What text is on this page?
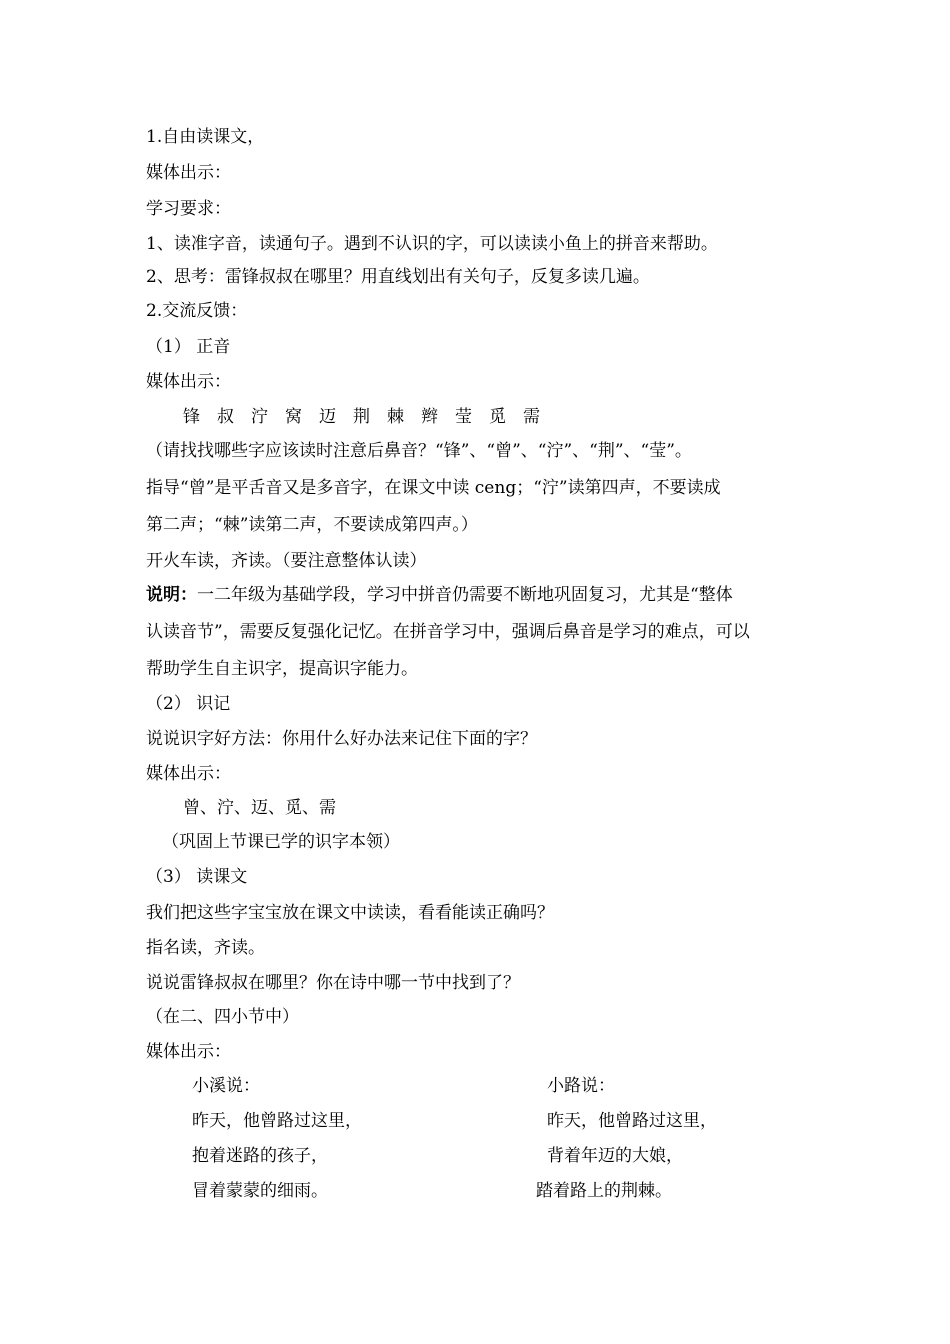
1.自由读课文，
媒体出示：
学习要求：
1、读准字音，读通句子。遇到不认识的字，可以读读小鱼上的拼音来帮助。
2、思考：雷锋叔叔在哪里？用直线划出有关句子，反复多读几遍。
2.交流反馈：
（1） 正音
媒体出示：
锋 叔 泞 窝 迈 荆 棘 辫 莹 觅 需
（请找找哪些字应该读时注意后鼻音？“锋”、“曾”、“泞”、“荆”、“莹”。
指导“曾”是平舌音又是多音字，在课文中读 ceng；“泞”读第四声，不要读成
第二声；“棘”读第二声，不要读成第四声。）
开火车读，齐读。（要注意整体认读）
说明：一二年级为基础学段，学习中拼音仍需要不断地巩固复习，尤其是“整体
认读音节”，需要反复强化记忆。在拼音学习中，强调后鼻音是学习的难点，可以
帮助学生自主识字，提高识字能力。
（2） 识记
说说识字好方法：你用什么好办法来记住下面的字？
媒体出示：
曾、泞、迈、觅、需
（巩固上节课已学的识字本领）
（3） 读课文
我们把这些字宝宝放在课文中读读，看看能读正确吗？
指名读，齐读。
说说雷锋叔叔在哪里？你在诗中哪一节中找到了？
（在二、四小节中）
媒体出示：
小溪说：
昨天，他曾路过这里，
抱着迷路的孩子，
冒着蒙蒙的细雨。
小路说：
昨天，他曾路过这里，
背着年迈的大娘，
踏着路上的荆棘。
